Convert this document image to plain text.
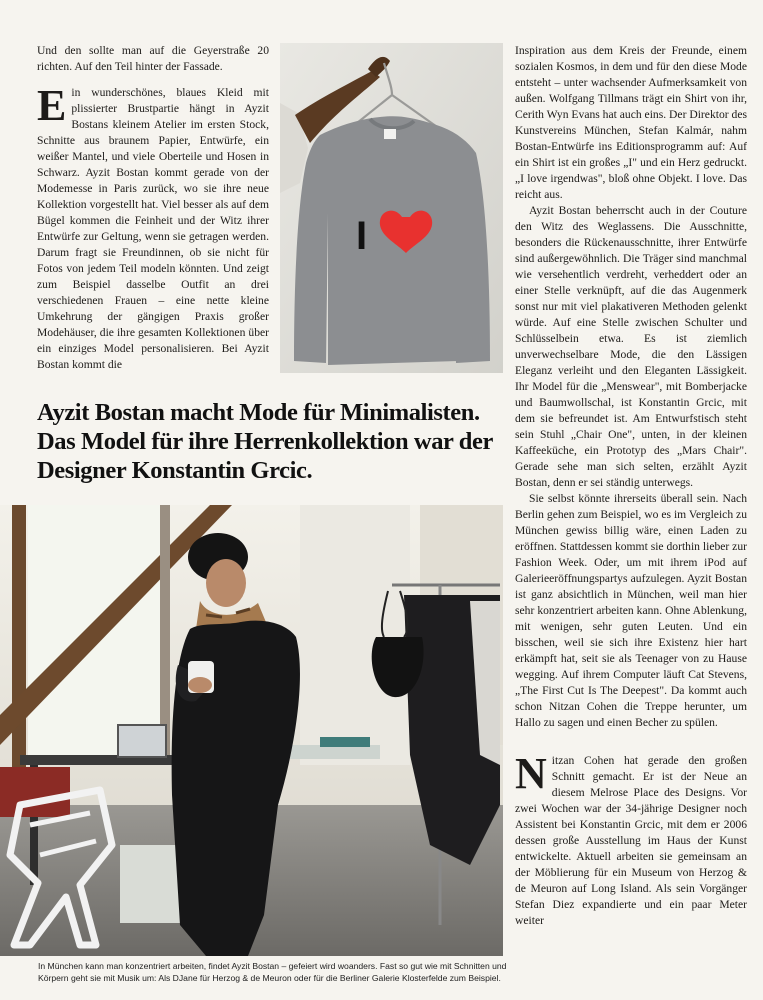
Und den sollte man auf die Geyerstraße 20 richten. Auf den Teil hinter der Fassade.

Ein wunderschönes, blaues Kleid mit plissierter Brustpartie hängt in Ayzit Bostans kleinem Atelier im ersten Stock, Schnitte aus braunem Papier, Entwürfe, ein weißer Mantel, und viele Oberteile und Hosen in Schwarz. Ayzit Bostan kommt gerade von der Modemesse in Paris zurück, wo sie ihre neue Kollektion vorgestellt hat. Viel besser als auf dem Bügel kommen die Feinheit und der Witz ihrer Entwürfe zur Geltung, wenn sie getragen werden. Darum fragt sie Freundinnen, ob sie nicht für Fotos von jedem Teil modeln könnten. Und zeigt zum Beispiel dasselbe Outfit an drei verschiedenen Frauen – eine nette kleine Umkehrung der gängigen Praxis großer Modehäuser, die ihre gesamten Kollektionen über ein einziges Model personalisieren. Bei Ayzit Bostan kommt die

I
Ayzit Bostan macht Mode für Minimalisten. Das Model für ihre Herrenkollektion war der Designer Konstantin Grcic.

Inspiration aus dem Kreis der Freunde, einem sozialen Kosmos, in dem und für den diese Mode entsteht – unter wachsender Aufmerksamkeit von außen. Wolfgang Tillmans trägt ein Shirt von ihr, Cerith Wyn Evans hat auch eins. Der Direktor des Kunstvereins München, Stefan Kalmár, nahm Bostan-Entwürfe ins Editionsprogramm auf: Auf ein Shirt ist ein großes „I" und ein Herz gedruckt. „I love irgendwas", bloß ohne Objekt. I love. Das reicht aus.

Ayzit Bostan beherrscht auch in der Couture den Witz des Weglassens. Die Ausschnitte, besonders die Rückenausschnitte, ihrer Entwürfe sind außergewöhnlich. Die Träger sind manchmal wie versehentlich verdreht, verheddert oder an einer Stelle verknüpft, auf die das Augenmerk sonst nur mit viel plakativeren Methoden gelenkt würde. Auf eine Stelle zwischen Schulter und Schlüsselbein etwa. Es ist ziemlich unverwechselbare Mode, die den Lässigen Eleganz verleiht und den Eleganten Lässigkeit. Ihr Model für die „Menswear", mit Bomberjacke und Baumwollschal, ist Konstantin Grcic, mit dem sie befreundet ist. Am Entwurfstisch steht sein Stuhl „Chair One", unten, in der kleinen Kaffeeküche, ein Prototyp des „Mars Chair". Gerade sehe man sich selten, erzählt Ayzit Bostan, denn er sei ständig unterwegs.

Sie selbst könnte ihrerseits überall sein. Nach Berlin gehen zum Beispiel, wo es im Vergleich zu München gewiss billig wäre, einen Laden zu eröffnen. Stattdessen kommt sie dorthin lieber zur Fashion Week. Oder, um mit ihrem iPod auf Galerieeröffnungspartys aufzulegen. Ayzit Bostan ist ganz absichtlich in München, weil man hier sehr konzentriert arbeiten kann. Ohne Ablenkung, mit wenigen, sehr guten Leuten. Und ein bisschen, weil sie sich ihre Existenz hier hart erkämpft hat, seit sie als Teenager von zu Hause wegging. Auf ihrem Computer läuft Cat Stevens, „The First Cut Is The Deepest". Da kommt auch schon Nitzan Cohen die Treppe herunter, um Hallo zu sagen und einen Becher zu spülen.

Nitzan Cohen hat gerade den großen Schnitt gemacht. Er ist der Neue an diesem Melrose Place des Designs. Vor zwei Wochen war der 34-jährige Designer noch Assistent bei Konstantin Grcic, mit dem er 2006 dessen große Ausstellung im Haus der Kunst entwickelte. Aktuell arbeiten sie gemeinsam an der Möblierung für ein Museum von Herzog & de Meuron auf Long Island. Als sein Vorgänger Stefan Diez expandierte und ein paar Meter weiter

In München kann man konzentriert arbeiten, findet Ayzit Bostan – gefeiert wird woanders. Fast so gut wie mit Schnitten und Körpern geht sie mit Musik um: Als DJane für Herzog & de Meuron oder für die Berliner Galerie Klosterfelde zum Beispiel.
